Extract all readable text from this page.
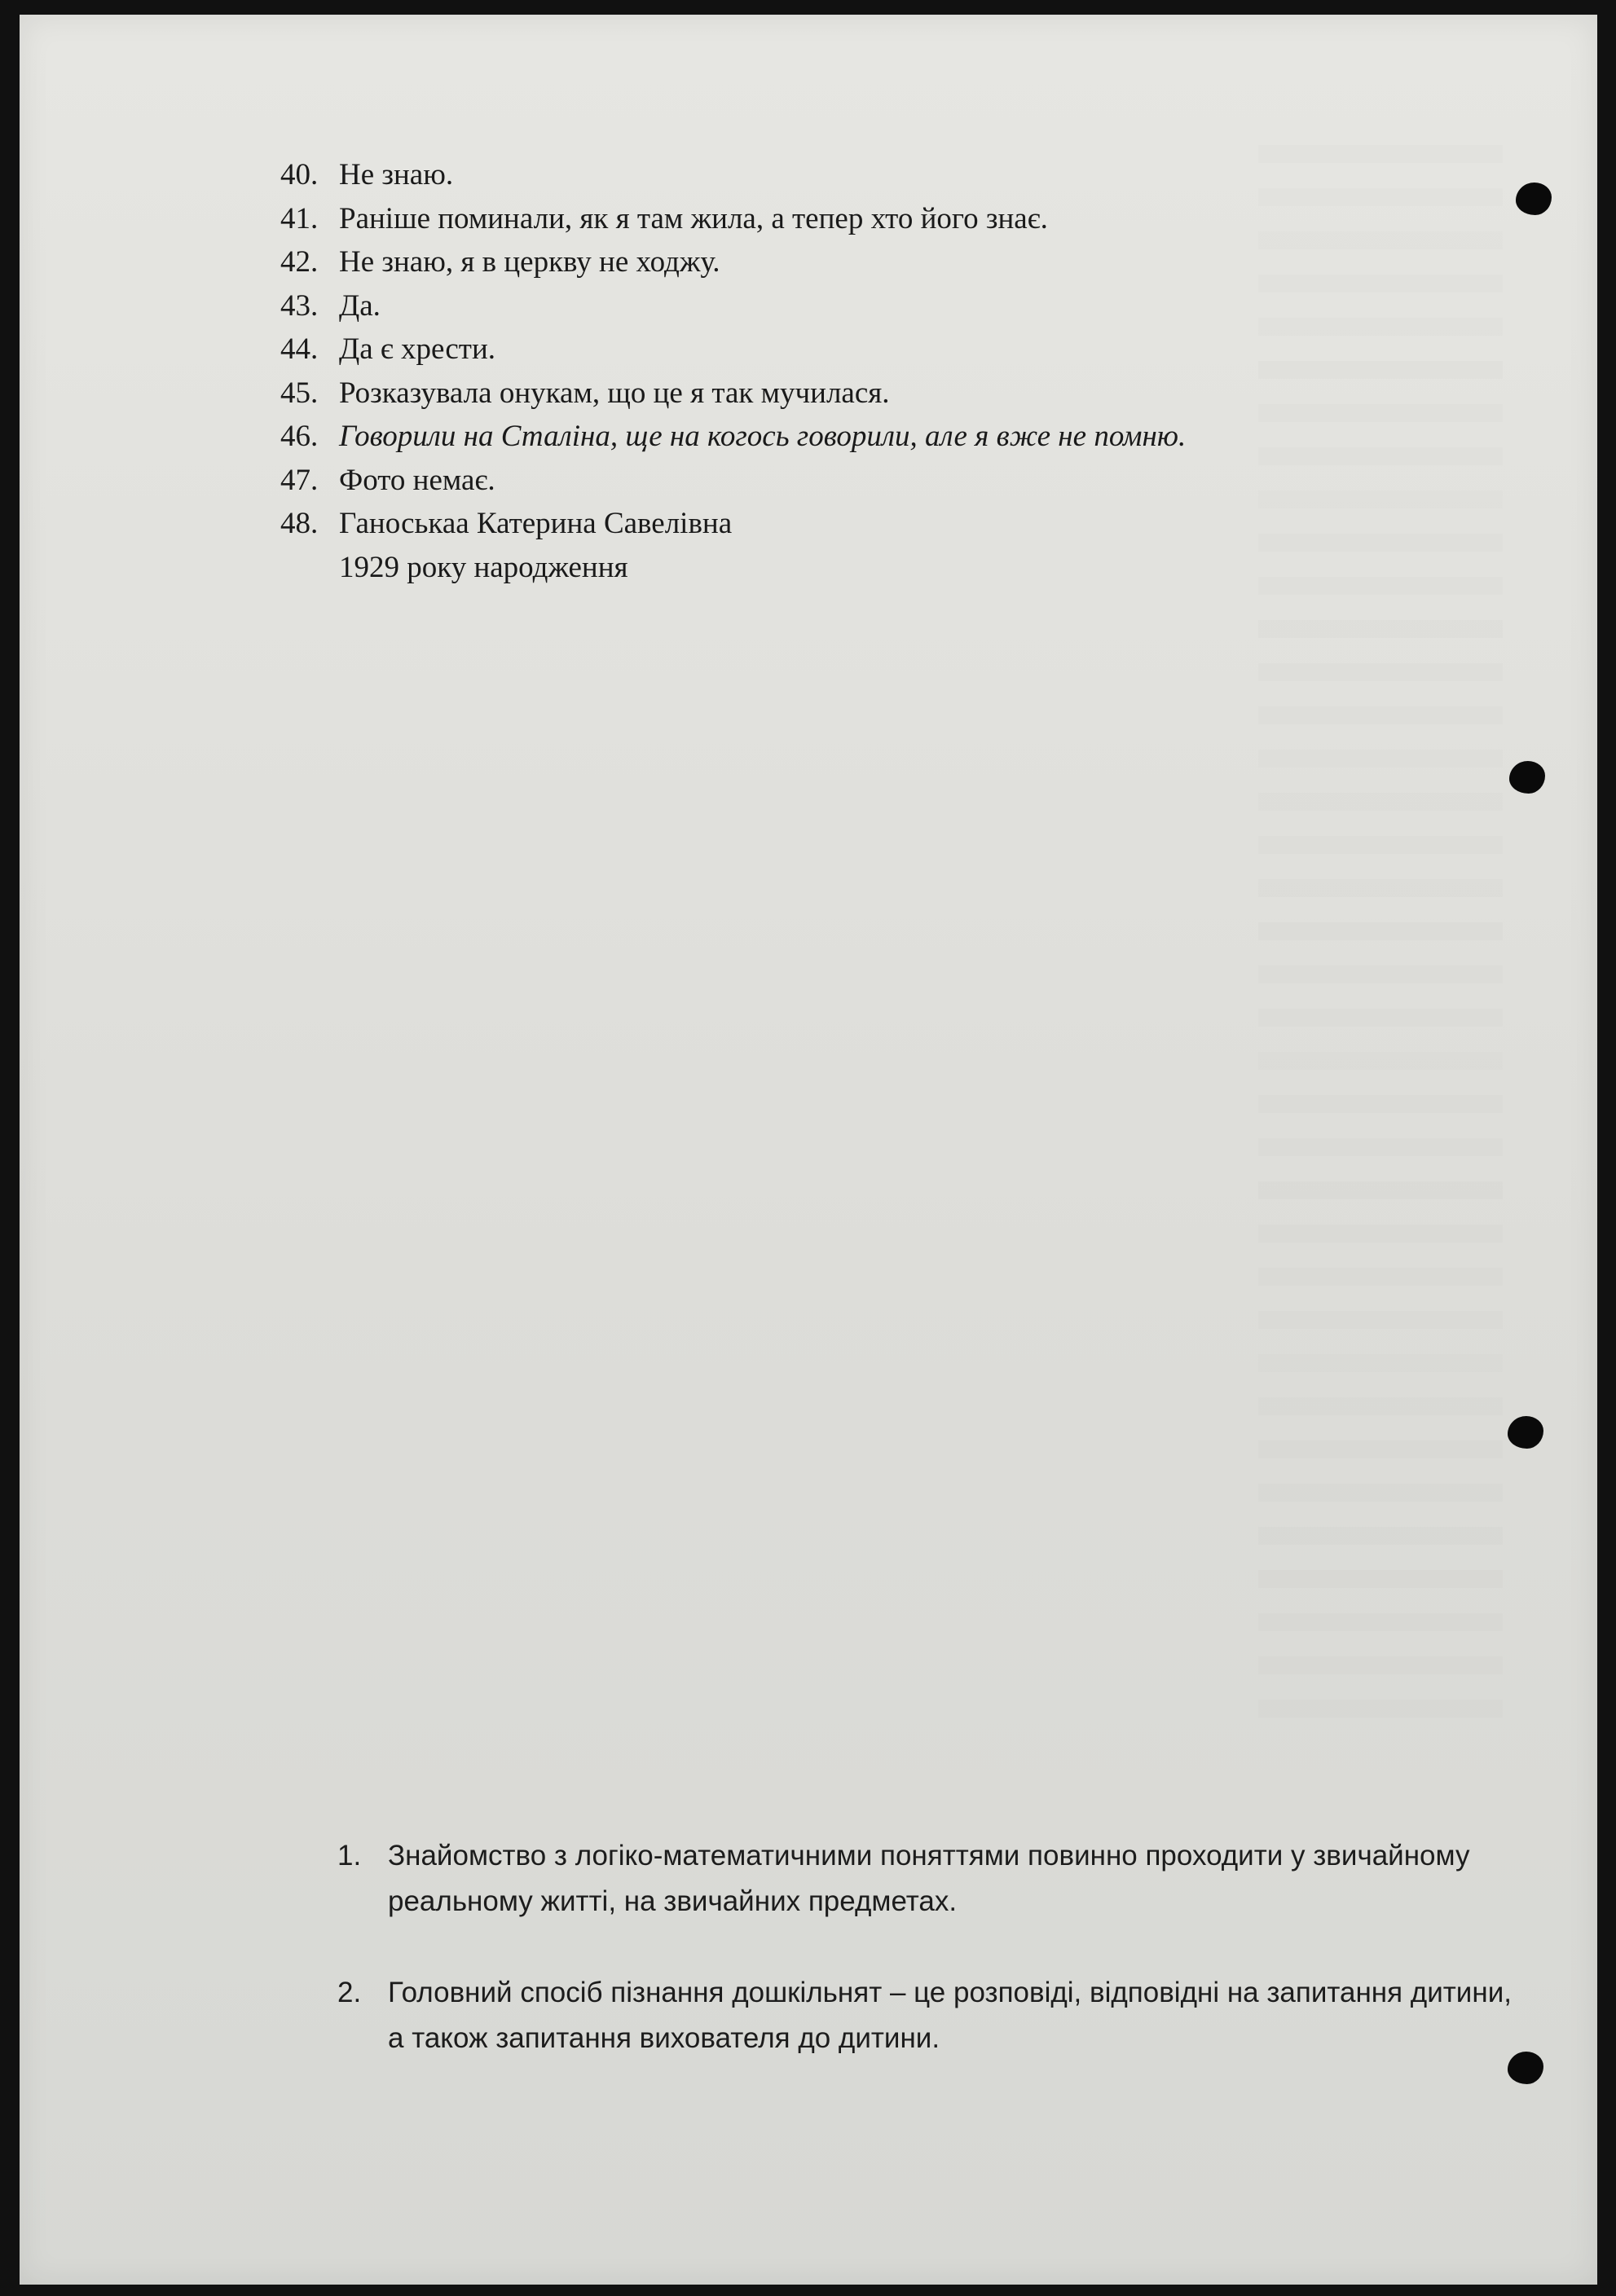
40. Не знаю.
41. Раніше поминали, як я там жила, а тепер хто його знає.
42. Не знаю, я в церкву не ходжу.
43. Да.
44. Да є хрести.
45. Розказувала онукам, що це я так мучилася.
46. Говорили на Сталіна, ще на когось говорили, але я вже не помню.
47. Фото немає.
48. Ганоськаа Катерина Савелівна
1929 року народження
1. Знайомство з логіко-математичними поняттями повинно проходити у звичайному реальному житті, на звичайних предметах.
2. Головний спосіб пізнання дошкільнят – це розповіді, відповідні на запитання дитини, а також запитання вихователя до дитини.
